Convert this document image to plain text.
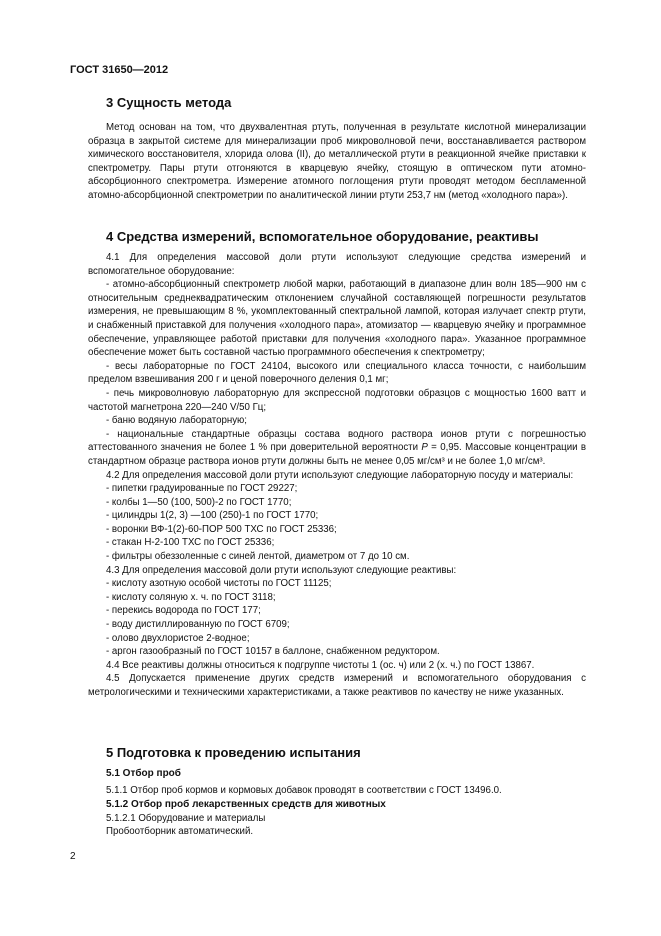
ГОСТ 31650—2012
3 Сущность метода

Метод основан на том, что двухвалентная ртуть, полученная в результате кислотной минерализации образца в закрытой системе для минерализации проб микроволновой печи, восстанавливается раствором химического восстановителя, хлорида олова (II), до металлической ртути в реакционной ячейке приставки к спектрометру. Пары ртути отгоняются в кварцевую ячейку, стоящую в оптическом пути атомно-абсорбционного спектрометра. Измерение атомного поглощения ртути проводят методом беспламенной атомно-абсорбционной спектрометрии по аналитической линии ртути 253,7 нм (метод «холодного пара»).

4 Средства измерений, вспомогательное оборудование, реактивы

4.1 Для определения массовой доли ртути используют следующие средства измерений и вспомогательное оборудование:

- атомно-абсорбционный спектрометр любой марки, работающий в диапазоне длин волн 185—900 нм с относительным среднеквадратическим отклонением случайной составляющей погрешности результатов измерения, не превышающим 8 %, укомплектованный спектральной лампой, которая излучает спектр ртути, и снабженный приставкой для получения «холодного пара», атомизатор — кварцевую ячейку и программное обеспечение, управляющее работой приставки для получения «холодного пара». Указанное программное обеспечение может быть составной частью программного обеспечения к спектрометру;

- весы лабораторные по ГОСТ 24104, высокого или специального класса точности, с наибольшим пределом взвешивания 200 г и ценой поверочного деления 0,1 мг;

- печь микроволновую лабораторную для экспрессной подготовки образцов с мощностью 1600 ватт и частотой магнетрона 220—240 V/50 Гц;

- баню водяную лабораторную;

- национальные стандартные образцы состава водного раствора ионов ртути с погрешностью аттестованного значения не более 1 % при доверительной вероятности Р = 0,95. Массовые концентрации в стандартном образце раствора ионов ртути должны быть не менее 0,05 мг/см³ и не более 1,0 мг/см³.

4.2 Для определения массовой доли ртути используют следующие лабораторную посуду и материалы:

- пипетки градуированные по ГОСТ 29227;

- колбы 1—50 (100, 500)-2 по ГОСТ 1770;

- цилиндры 1(2, 3) —100 (250)-1 по ГОСТ 1770;

- воронки ВФ-1(2)-60-ПОР 500 ТХС по ГОСТ 25336;

- стакан Н-2-100 ТХС по ГОСТ 25336;

- фильтры обеззоленные с синей лентой, диаметром от 7 до 10 см.

4.3 Для определения массовой доли ртути используют следующие реактивы:

- кислоту азотную особой чистоты по ГОСТ 11125;

- кислоту соляную х. ч. по ГОСТ 3118;

- перекись водорода по ГОСТ 177;

- воду дистиллированную по ГОСТ 6709;

- олово двухлористое 2-водное;

- аргон газообразный по ГОСТ 10157 в баллоне, снабженном редуктором.

4.4 Все реактивы должны относиться к подгруппе чистоты 1 (ос. ч) или 2 (х. ч.) по ГОСТ 13867.

4.5 Допускается применение других средств измерений и вспомогательного оборудования с метрологическими и техническими характеристиками, а также реактивов по качеству не ниже указанных.

5 Подготовка к проведению испытания
5.1 Отбор проб

5.1.1 Отбор проб кормов и кормовых добавок проводят в соответствии с ГОСТ 13496.0.

5.1.2 Отбор проб лекарственных средств для животных

5.1.2.1 Оборудование и материалы

Пробоотборник автоматический.

2
